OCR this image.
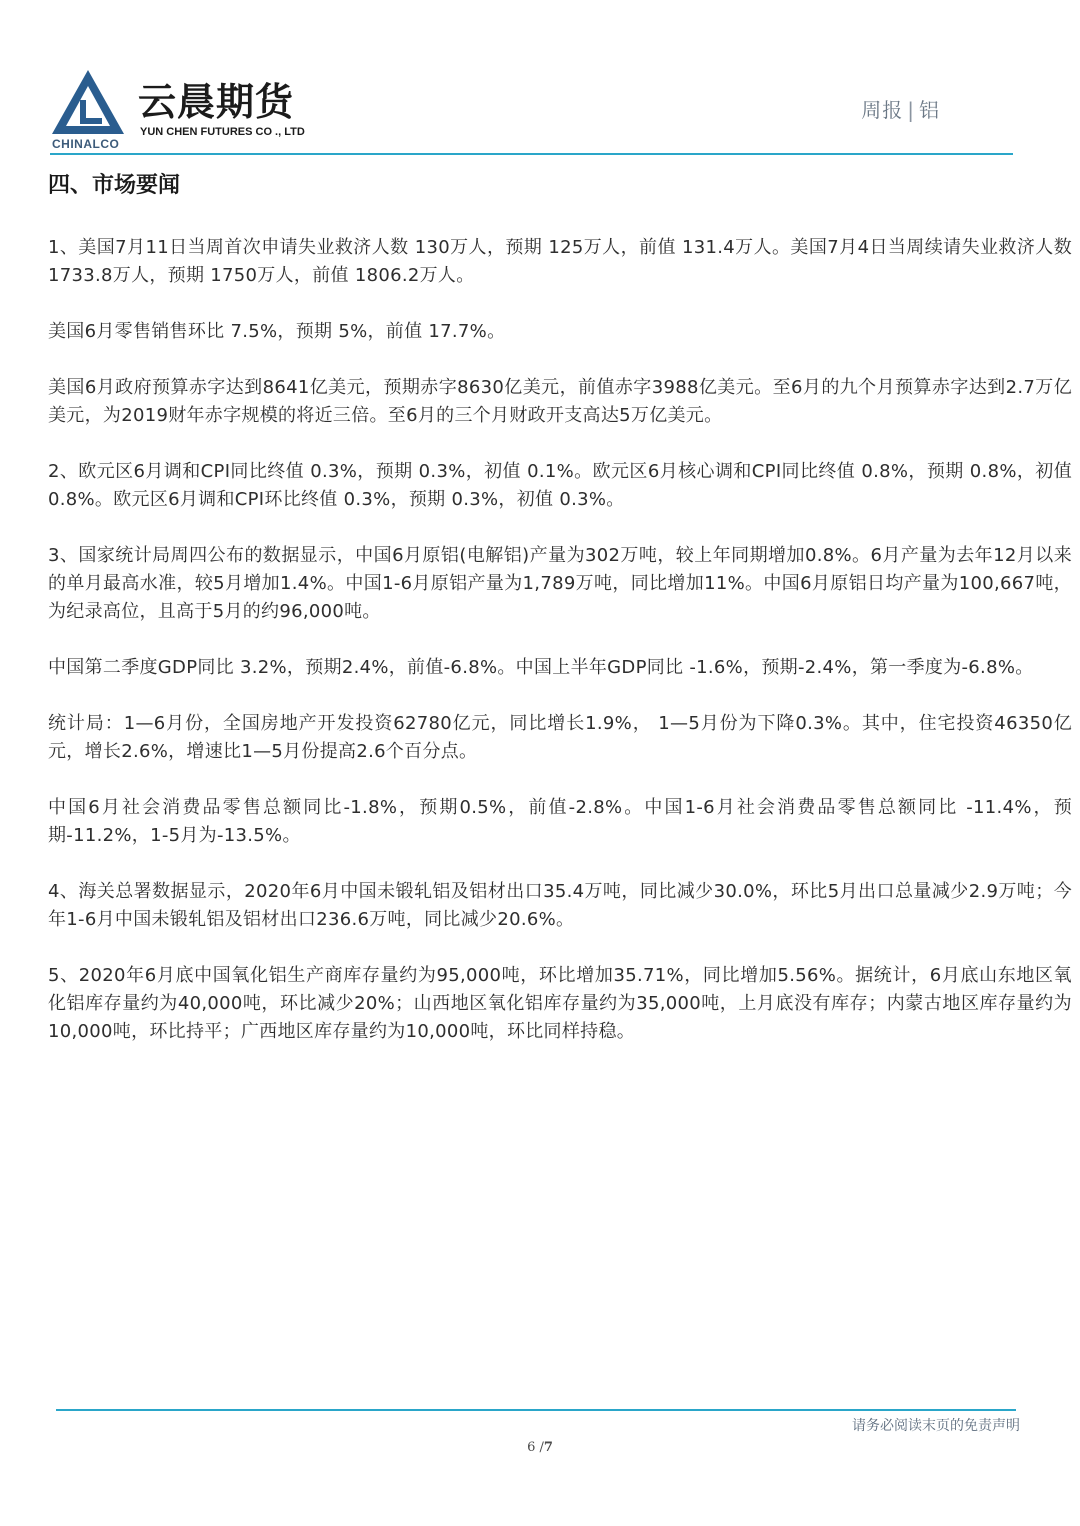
云晨期货
YUN CHEN FUTURES CO ., LTD
CHINALCO
周报 | 铝
四、市场要闻

1、美国7月11日当周首次申请失业救济人数 130万人，预期 125万人，前值 131.4万人。美国7月4日当周续请失业救济人数 1733.8万人，预期 1750万人，前值 1806.2万人。

美国6月零售销售环比 7.5%，预期 5%，前值 17.7%。

美国6月政府预算赤字达到8641亿美元，预期赤字8630亿美元，前值赤字3988亿美元。至6月的九个月预算赤字达到2.7万亿美元，为2019财年赤字规模的将近三倍。至6月的三个月财政开支高达5万亿美元。

2、欧元区6月调和CPI同比终值 0.3%，预期 0.3%，初值 0.1%。欧元区6月核心调和CPI同比终值 0.8%，预期 0.8%，初值 0.8%。欧元区6月调和CPI环比终值 0.3%，预期 0.3%，初值 0.3%。

3、国家统计局周四公布的数据显示，中国6月原铝(电解铝)产量为302万吨，较上年同期增加0.8%。6月产量为去年12月以来的单月最高水准，较5月增加1.4%。中国1-6月原铝产量为1,789万吨，同比增加11%。中国6月原铝日均产量为100,667吨，为纪录高位，且高于5月的约96,000吨。

中国第二季度GDP同比 3.2%，预期2.4%，前值-6.8%。中国上半年GDP同比 -1.6%，预期-2.4%，第一季度为-6.8%。

统计局：1—6月份，全国房地产开发投资62780亿元，同比增长1.9%， 1—5月份为下降0.3%。其中，住宅投资46350亿元，增长2.6%，增速比1—5月份提高2.6个百分点。

中国6月社会消费品零售总额同比-1.8%，预期0.5%，前值-2.8%。中国1-6月社会消费品零售总额同比 -11.4%，预期-11.2%，1-5月为-13.5%。

4、海关总署数据显示，2020年6月中国未锻轧铝及铝材出口35.4万吨，同比减少30.0%，环比5月出口总量减少2.9万吨；今年1-6月中国未锻轧铝及铝材出口236.6万吨，同比减少20.6%。

5、2020年6月底中国氧化铝生产商库存量约为95,000吨，环比增加35.71%，同比增加5.56%。据统计，6月底山东地区氧化铝库存量约为40,000吨，环比减少20%；山西地区氧化铝库存量约为35,000吨，上月底没有库存；内蒙古地区库存量约为10,000吨，环比持平；广西地区库存量约为10,000吨，环比同样持稳。

请务必阅读末页的免责声明
6 /7
